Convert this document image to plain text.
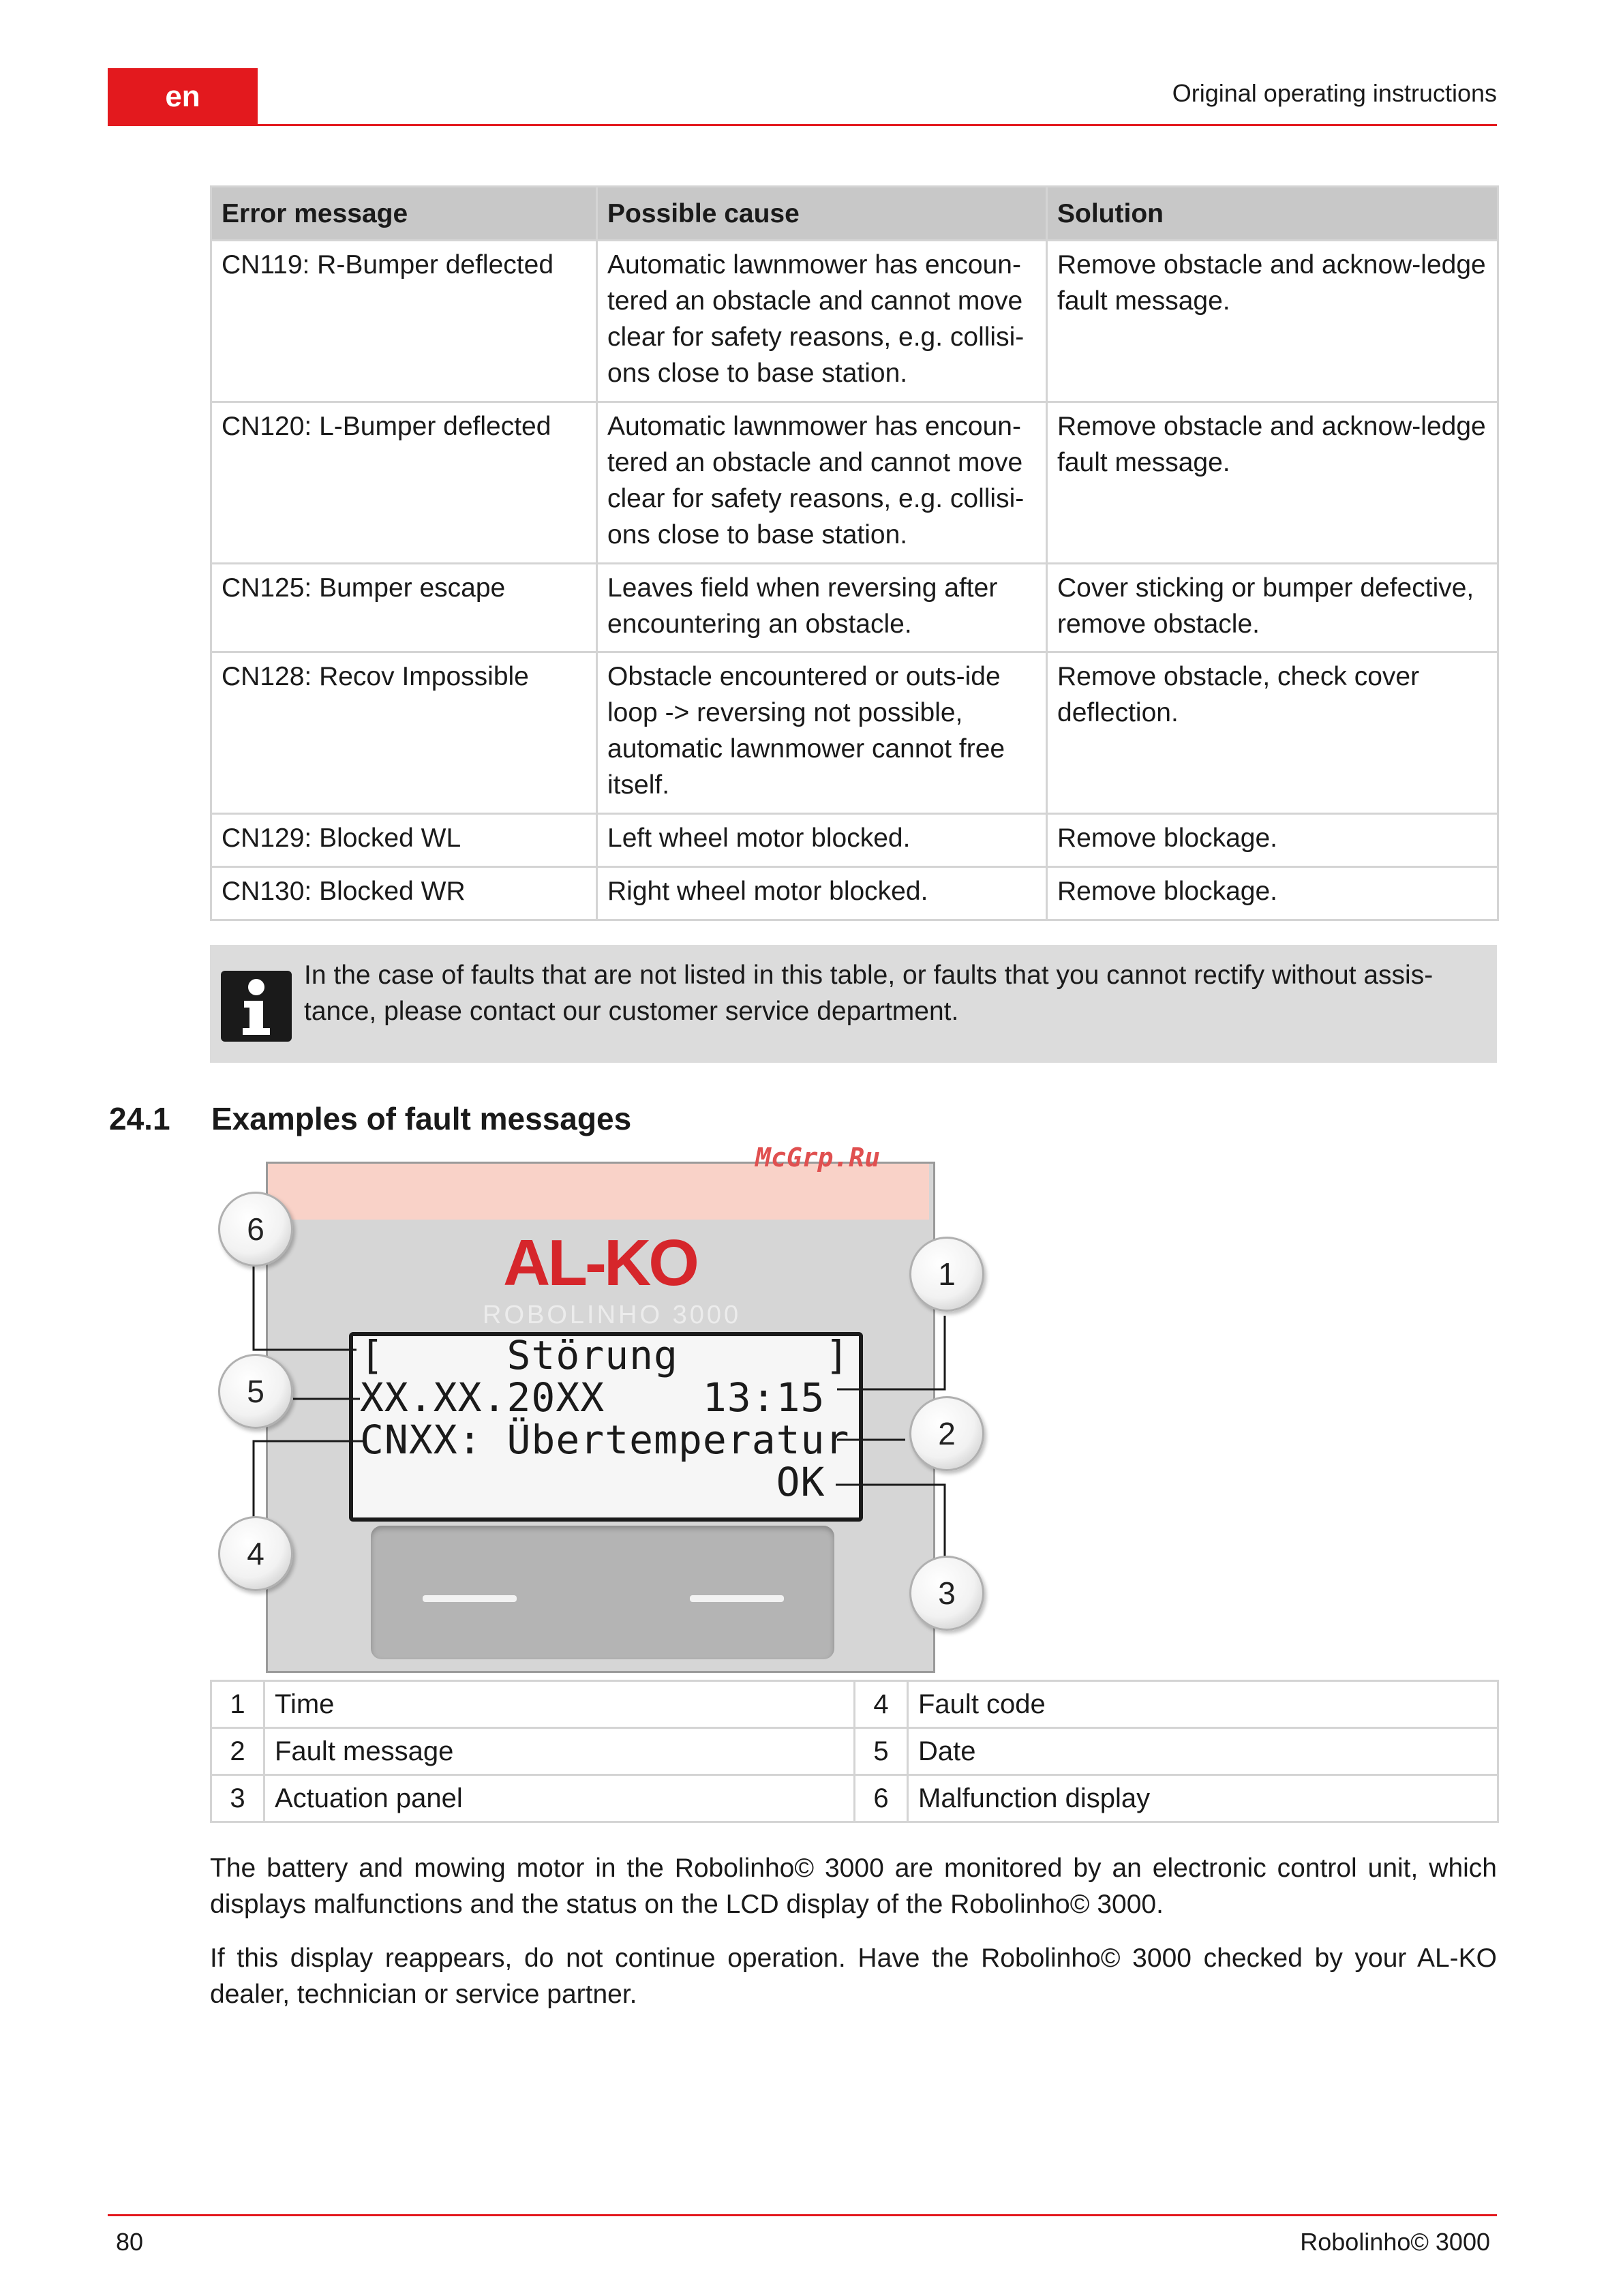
en	Original operating instructions
Error message	Possible cause	Solution
CN119: R-Bumper deflected	Automatic lawnmower has encoun-tered an obstacle and cannot move clear for safety reasons, e.g. collisi-ons close to base station.	Remove obstacle and acknow-ledge fault message.
CN120: L-Bumper deflected	Automatic lawnmower has encoun-tered an obstacle and cannot move clear for safety reasons, e.g. collisi-ons close to base station.	Remove obstacle and acknow-ledge fault message.
CN125: Bumper escape	Leaves field when reversing after encountering an obstacle.	Cover sticking or bumper defective, remove obstacle.
CN128: Recov Impossible	Obstacle encountered or outs-ide loop -> reversing not possible, automatic lawnmower cannot free itself.	Remove obstacle, check cover deflection.
CN129: Blocked WL	Left wheel motor blocked.	Remove blockage.
CN130: Blocked WR	Right wheel motor blocked.	Remove blockage.
In the case of faults that are not listed in this table, or faults that you cannot rectify without assis-tance, please contact our customer service department.
24.1 Examples of fault messages
McGrp.Ru
AL-KO
ROBOLINHO 3000
[     Störung      ]
XX.XX.20XX    13:15
CNXX: Übertemperatur
OK
6
1
5
2
4
3
1	Time	4	Fault code
2	Fault message	5	Date
3	Actuation panel	6	Malfunction display
The battery and mowing motor in the Robolinho© 3000 are monitored by an electronic control unit, which displays malfunctions and the status on the LCD display of the Robolinho© 3000.
If this display reappears, do not continue operation. Have the Robolinho© 3000 checked by your AL-KO dealer, technician or service partner.
80	Robolinho© 3000
